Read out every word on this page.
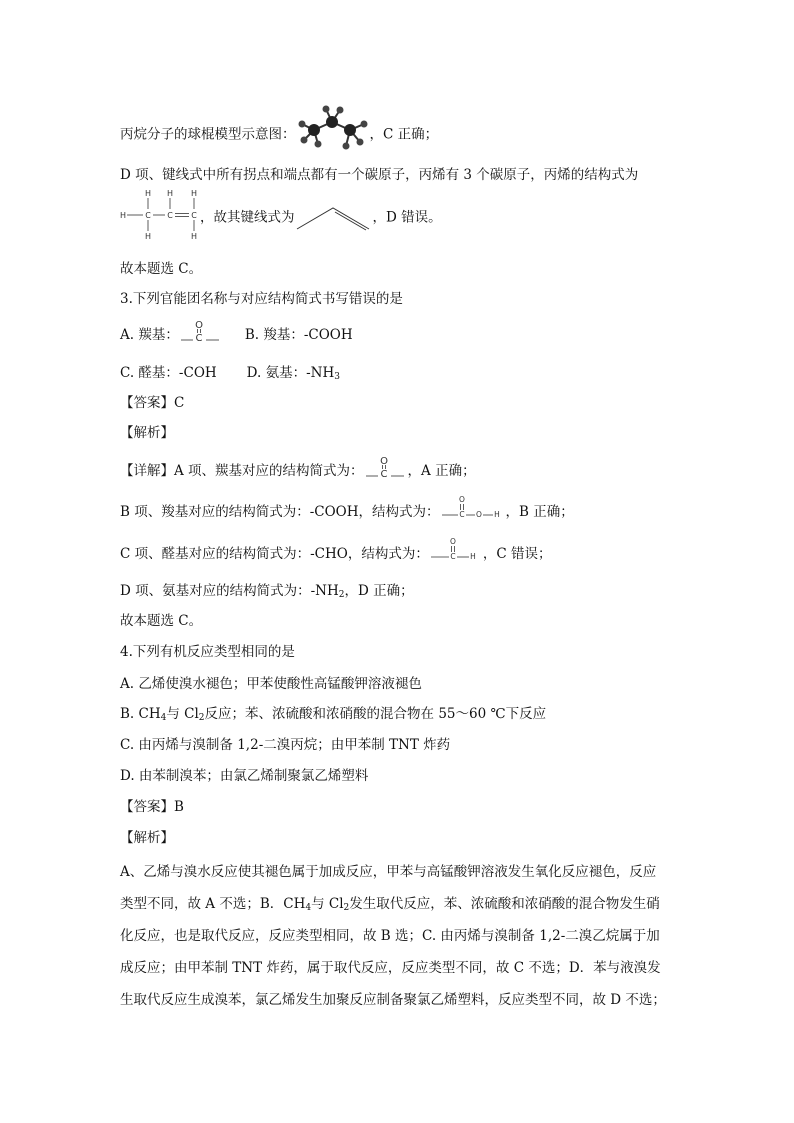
丙烷分子的球棍模型示意图：	，C 正确；
D 项、键线式中所有拐点和端点都有一个碳原子，丙烯有 3 个碳原子，丙烯的结构式为
H C C C
H H H
H	H
，故其键线式为	，D 错误。
故本题选 C。
3.下列官能团名称与对应结构简式书写错误的是
A. 羰基：
O
C	B. 羧基：-COOH
C. 醛基：-COH D. 氨基：$-NH_3$
【答案】C
【解析】
【详解】A 项、羰基对应的结构简式为：
O
C ，A 正确；
B 项、羧基对应的结构简式为：-COOH，结构式为：
O
C O H ，B 正确；
C 项、醛基对应的结构简式为：-CHO，结构式为：
O
C H ，C 错误；
D 项、氨基对应的结构简式为：$-NH_2$，D 正确；
故本题选 C。
4.下列有机反应类型相同的是
A. 乙烯使溴水褪色；甲苯使酸性高锰酸钾溶液褪色
B. $CH_4$与 $Cl_2$反应；苯、浓硫酸和浓硝酸的混合物在 55～60 ℃下反应
C. 由丙烯与溴制备 1,2-二溴丙烷；由甲苯制 TNT 炸药
D. 由苯制溴苯；由氯乙烯制聚氯乙烯塑料
【答案】B
【解析】
A、乙烯与溴水反应使其褪色属于加成反应，甲苯与高锰酸钾溶液发生氧化反应褪色，反应
类型不同，故 A 不选；B．$CH_4$与 $Cl_2$发生取代反应，苯、浓硫酸和浓硝酸的混合物发生硝
化反应，也是取代反应，反应类型相同，故 B 选；C. 由丙烯与溴制备 1,2-二溴乙烷属于加
成反应；由甲苯制 TNT 炸药，属于取代反应，反应类型不同，故 C 不选；D．苯与液溴发
生取代反应生成溴苯，氯乙烯发生加聚反应制备聚氯乙烯塑料，反应类型不同，故 D 不选；
